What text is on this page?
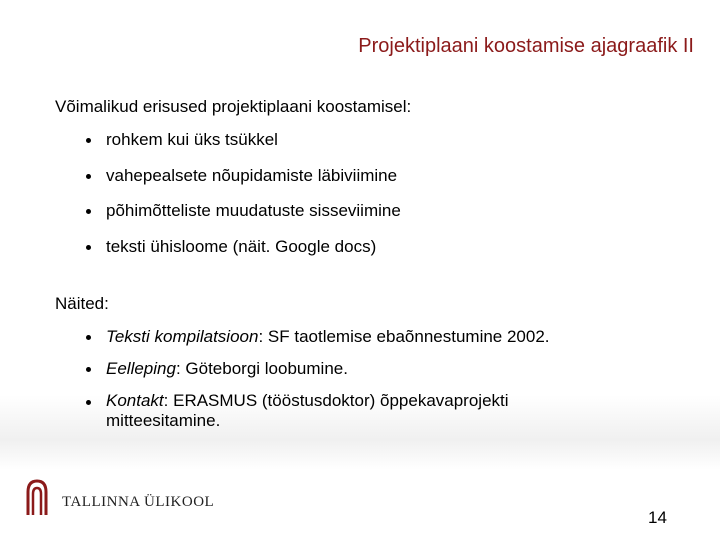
Projektiplaani koostamise ajagraafik II
Võimalikud erisused projektiplaani koostamisel:
rohkem kui üks tsükkel
vahepealsete nõupidamiste läbiviimine
põhimõtteliste muudatuste sisseviimine
teksti ühisloome (näit. Google docs)
Näited:
Teksti kompilatsioon: SF taotlemise ebaõnnestumine 2002.
Eelleping: Göteborgi loobumine.
Kontakt: ERASMUS (tööstusdoktor) õppekavaprojekti mitteesitamine.
TALLINNA ÜLIKOOL
14
